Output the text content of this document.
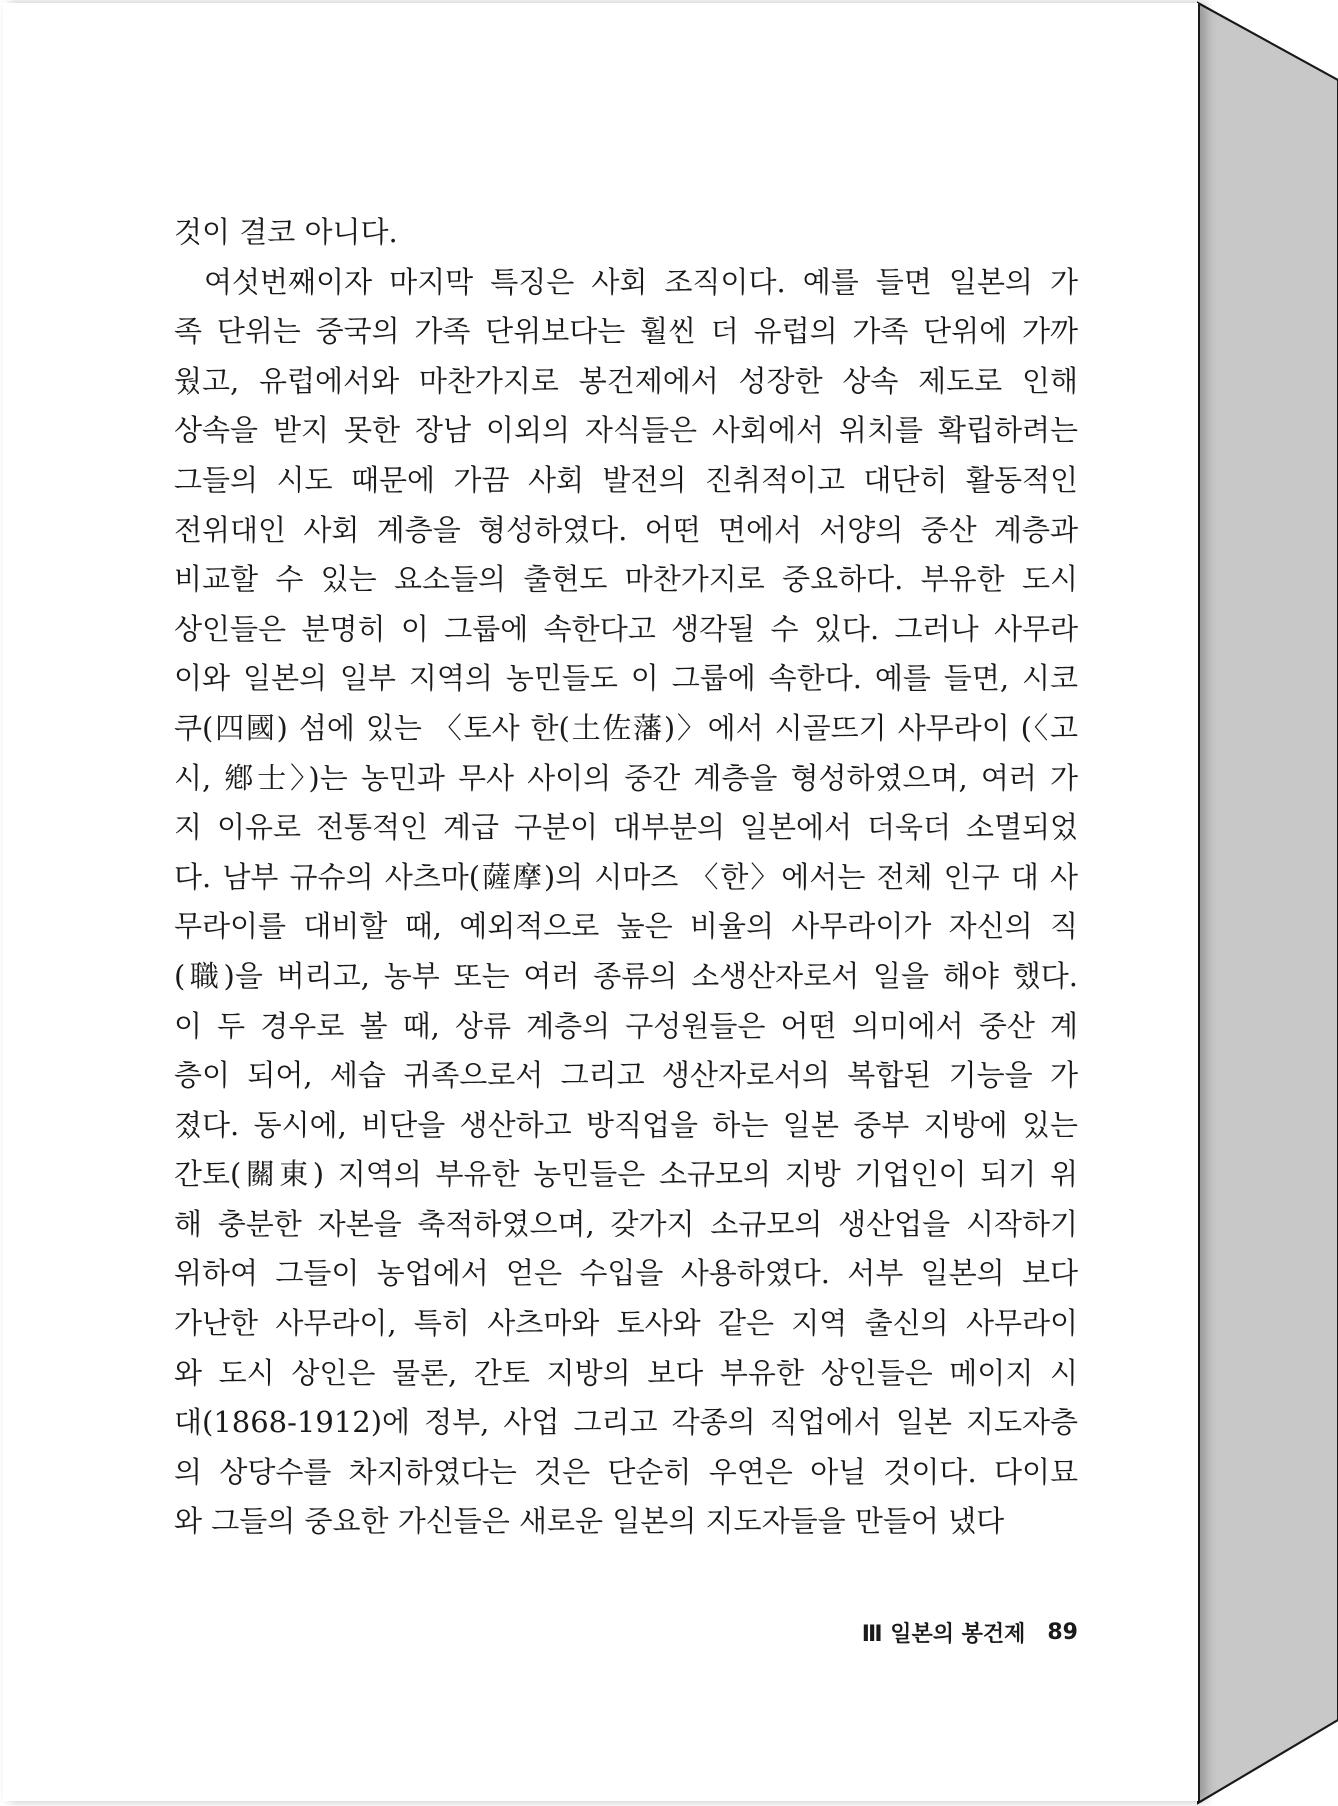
것이 결코 아니다.
여섯번째이자 마지막 특징은 사회 조직이다. 예를 들면 일본의 가
족 단위는 중국의 가족 단위보다는 훨씬 더 유럽의 가족 단위에 가까
웠고, 유럽에서와 마찬가지로 봉건제에서 성장한 상속 제도로 인해
상속을 받지 못한 장남 이외의 자식들은 사회에서 위치를 확립하려는
그들의 시도 때문에 가끔 사회 발전의 진취적이고 대단히 활동적인
전위대인 사회 계층을 형성하였다. 어떤 면에서 서양의 중산 계층과
비교할 수 있는 요소들의 출현도 마찬가지로 중요하다. 부유한 도시
상인들은 분명히 이 그룹에 속한다고 생각될 수 있다. 그러나 사무라
이와 일본의 일부 지역의 농민들도 이 그룹에 속한다. 예를 들면, 시코
쿠(四國) 섬에 있는 〈토사 한(土佐藩)〉에서 시골뜨기 사무라이 (〈고
시, 鄕士〉)는 농민과 무사 사이의 중간 계층을 형성하였으며, 여러 가
지 이유로 전통적인 계급 구분이 대부분의 일본에서 더욱더 소멸되었
다. 남부 규슈의 사츠마(薩摩)의 시마즈 〈한〉에서는 전체 인구 대 사
무라이를 대비할 때, 예외적으로 높은 비율의 사무라이가 자신의 직
(職)을 버리고, 농부 또는 여러 종류의 소생산자로서 일을 해야 했다.
이 두 경우로 볼 때, 상류 계층의 구성원들은 어떤 의미에서 중산 계
층이 되어, 세습 귀족으로서 그리고 생산자로서의 복합된 기능을 가
졌다. 동시에, 비단을 생산하고 방직업을 하는 일본 중부 지방에 있는
간토(關東) 지역의 부유한 농민들은 소규모의 지방 기업인이 되기 위
해 충분한 자본을 축적하였으며, 갖가지 소규모의 생산업을 시작하기
위하여 그들이 농업에서 얻은 수입을 사용하였다. 서부 일본의 보다
가난한 사무라이, 특히 사츠마와 토사와 같은 지역 출신의 사무라이
와 도시 상인은 물론, 간토 지방의 보다 부유한 상인들은 메이지 시
대(1868-1912)에 정부, 사업 그리고 각종의 직업에서 일본 지도자층
의 상당수를 차지하였다는 것은 단순히 우연은 아닐 것이다. 다이묘
와 그들의 중요한 가신들은 새로운 일본의 지도자들을 만들어 냈다
Ⅲ 일본의 봉건제 89
